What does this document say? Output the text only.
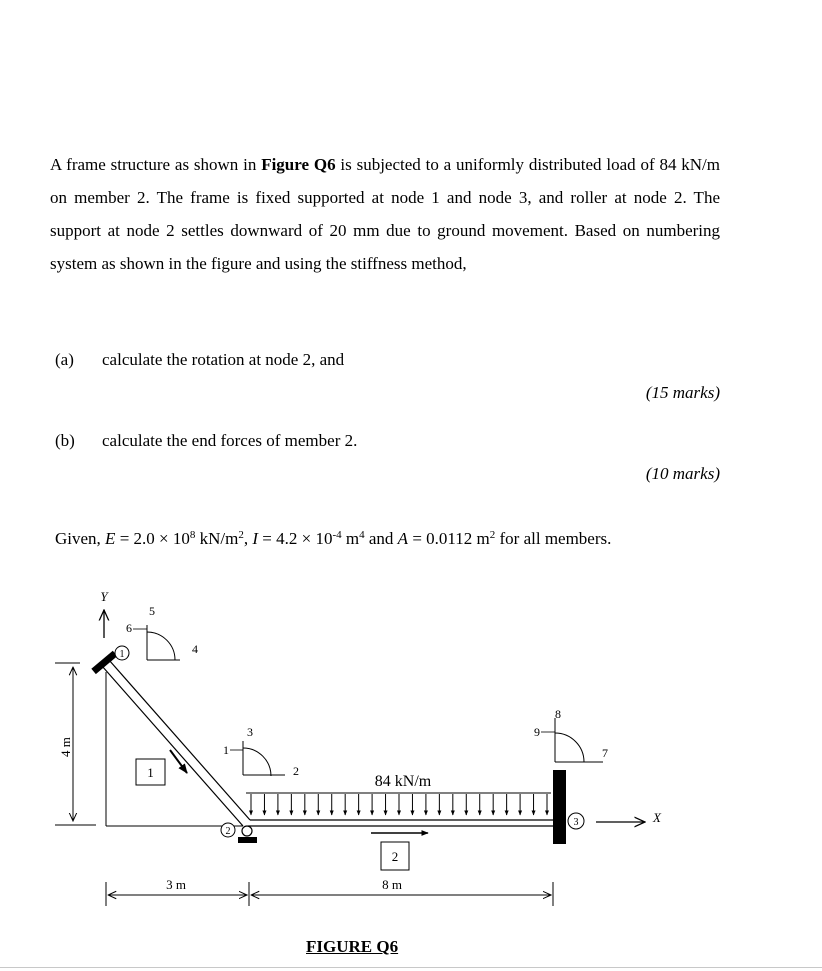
A frame structure as shown in Figure Q6 is subjected to a uniformly distributed load of 84 kN/m on member 2. The frame is fixed supported at node 1 and node 3, and roller at node 2. The support at node 2 settles downward of 20 mm due to ground movement. Based on numbering system as shown in the figure and using the stiffness method,
(a) calculate the rotation at node 2, and
(15 marks)
(b) calculate the end forces of member 2.
(10 marks)
Given, $E = 2.0 \times 10^8$ $kN/m^2$, $I = 4.2 \times 10^{-4}$ $m^4$ and A = 0.0112 $m^2$ for all members.
Y
5
6
4
1
1
4 m
3
1
2
84 kN/m
2
2
3
8
9
7
X
3 m	8 m
FIGURE Q6
